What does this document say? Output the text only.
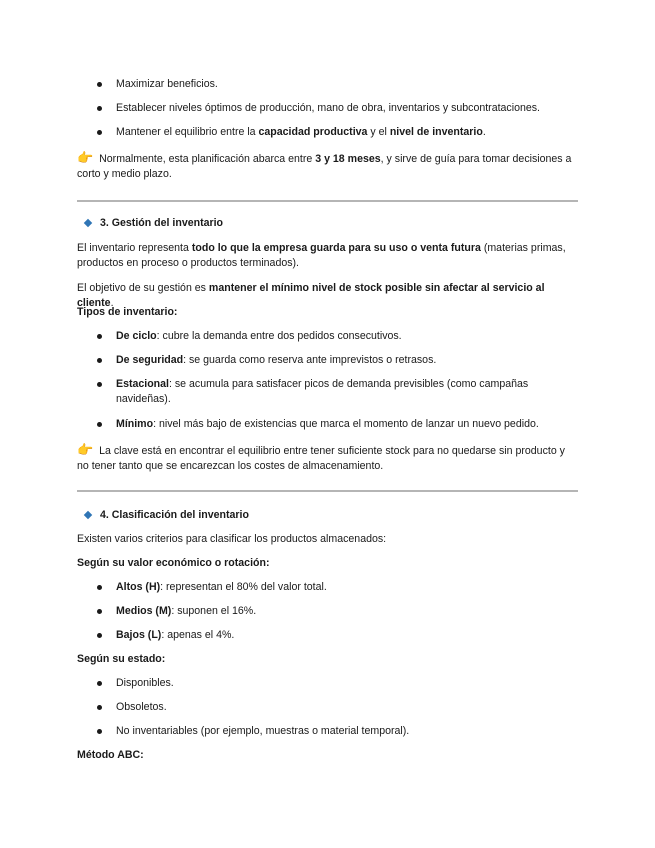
Maximizar beneficios.
Establecer niveles óptimos de producción, mano de obra, inventarios y subcontrataciones.
Mantener el equilibrio entre la capacidad productiva y el nivel de inventario.

👉 Normalmente, esta planificación abarca entre 3 y 18 meses, y sirve de guía para tomar decisiones a

corto y medio plazo.

3. Gestión del inventario

El inventario representa todo lo que la empresa guarda para su uso o venta futura (materias primas,

productos en proceso o productos terminados).

El objetivo de su gestión es mantener el mínimo nivel de stock posible sin afectar al servicio al cliente.

Tipos de inventario:

De ciclo: cubre la demanda entre dos pedidos consecutivos.
De seguridad: se guarda como reserva ante imprevistos o retrasos.
Estacional: se acumula para satisfacer picos de demanda previsibles (como campañas
navideñas).
Mínimo: nivel más bajo de existencias que marca el momento de lanzar un nuevo pedido.

👉 La clave está en encontrar el equilibrio entre tener suficiente stock para no quedarse sin producto y

no tener tanto que se encarezcan los costes de almacenamiento.

4. Clasificación del inventario

Existen varios criterios para clasificar los productos almacenados:

Según su valor económico o rotación:

Altos (H): representan el 80% del valor total.
Medios (M): suponen el 16%.
Bajos (L): apenas el 4%.

Según su estado:

Disponibles.
Obsoletos.
No inventariables (por ejemplo, muestras o material temporal).

Método ABC:
